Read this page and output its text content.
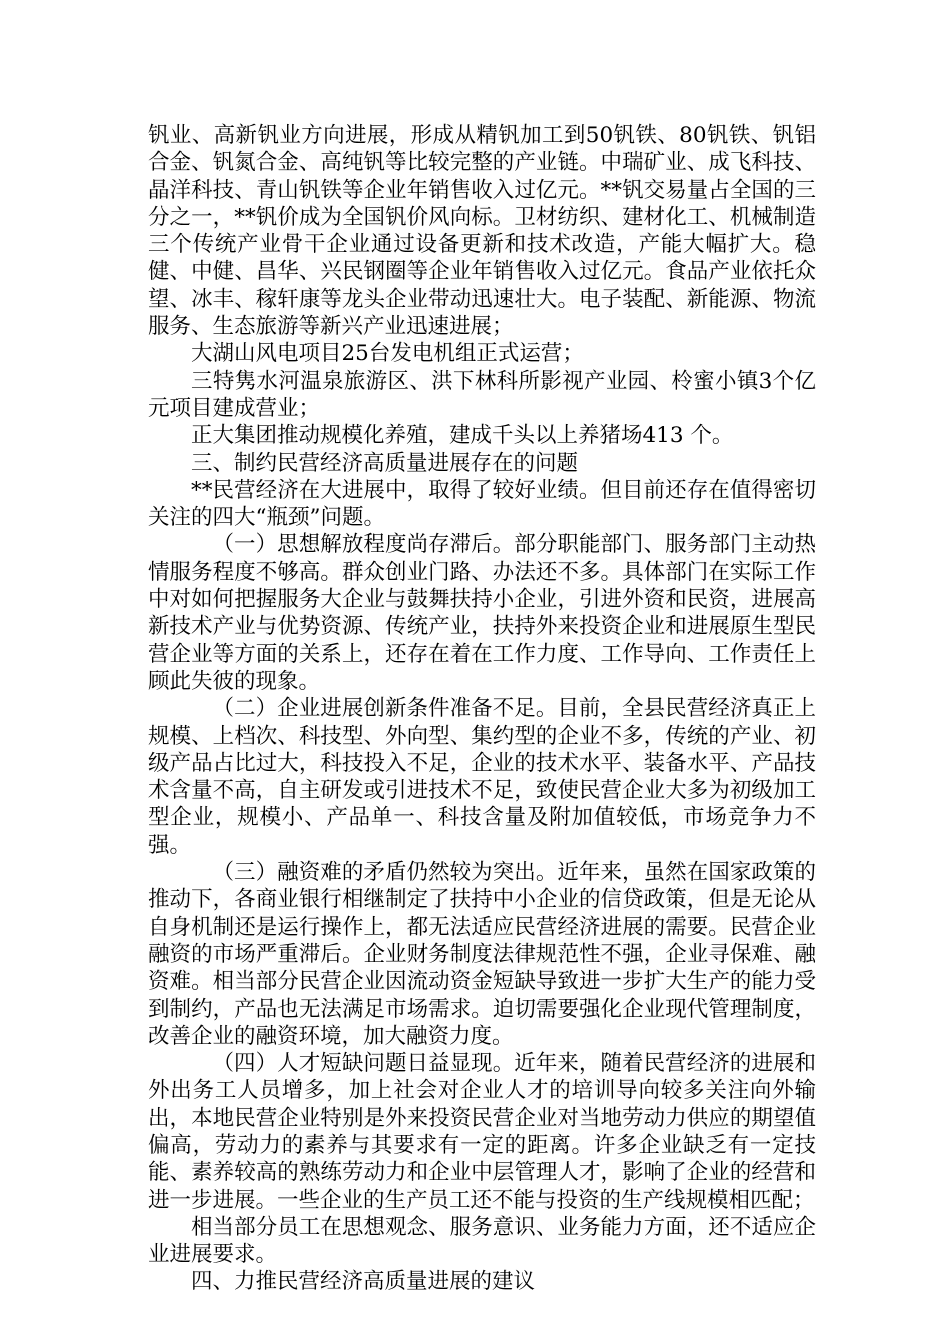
钒业、高新钒业方向进展，形成从精钒加工到50钒铁、80钒铁、钒铝合金、钒氮合金、高纯钒等比较完整的产业链。中瑞矿业、成飞科技、晶洋科技、青山钒铁等企业年销售收入过亿元。**钒交易量占全国的三分之一，**钒价成为全国钒价风向标。卫材纺织、建材化工、机械制造三个传统产业骨干企业通过设备更新和技术改造，产能大幅扩大。稳健、中健、昌华、兴民钢圈等企业年销售收入过亿元。食品产业依托众望、冰丰、稼轩康等龙头企业带动迅速壮大。电子装配、新能源、物流服务、生态旅游等新兴产业迅速进展；

大湖山风电项目25台发电机组正式运营；

三特隽水河温泉旅游区、洪下林科所影视产业园、柃蜜小镇3个亿元项目建成营业；

正大集团推动规模化养殖，建成千头以上养猪场413 个。

三、制约民营经济高质量进展存在的问题

**民营经济在大进展中，取得了较好业绩。但目前还存在值得密切关注的四大“瓶颈”问题。

（一）思想解放程度尚存滞后。部分职能部门、服务部门主动热情服务程度不够高。群众创业门路、办法还不多。具体部门在实际工作中对如何把握服务大企业与鼓舞扶持小企业，引进外资和民资，进展高新技术产业与优势资源、传统产业，扶持外来投资企业和进展原生型民营企业等方面的关系上，还存在着在工作力度、工作导向、工作责任上顾此失彼的现象。

（二）企业进展创新条件准备不足。目前，全县民营经济真正上规模、上档次、科技型、外向型、集约型的企业不多，传统的产业、初级产品占比过大，科技投入不足，企业的技术水平、装备水平、产品技术含量不高，自主研发或引进技术不足，致使民营企业大多为初级加工型企业，规模小、产品单一、科技含量及附加值较低，市场竞争力不强。

（三）融资难的矛盾仍然较为突出。近年来，虽然在国家政策的推动下，各商业银行相继制定了扶持中小企业的信贷政策，但是无论从自身机制还是运行操作上，都无法适应民营经济进展的需要。民营企业融资的市场严重滞后。企业财务制度法律规范性不强，企业寻保难、融资难。相当部分民营企业因流动资金短缺导致进一步扩大生产的能力受到制约，产品也无法满足市场需求。迫切需要强化企业现代管理制度，改善企业的融资环境，加大融资力度。

（四）人才短缺问题日益显现。近年来，随着民营经济的进展和外出务工人员增多，加上社会对企业人才的培训导向较多关注向外输出，本地民营企业特别是外来投资民营企业对当地劳动力供应的期望值偏高，劳动力的素养与其要求有一定的距离。许多企业缺乏有一定技能、素养较高的熟练劳动力和企业中层管理人才，影响了企业的经营和进一步进展。一些企业的生产员工还不能与投资的生产线规模相匹配；

相当部分员工在思想观念、服务意识、业务能力方面，还不适应企业进展要求。

四、力推民营经济高质量进展的建议
